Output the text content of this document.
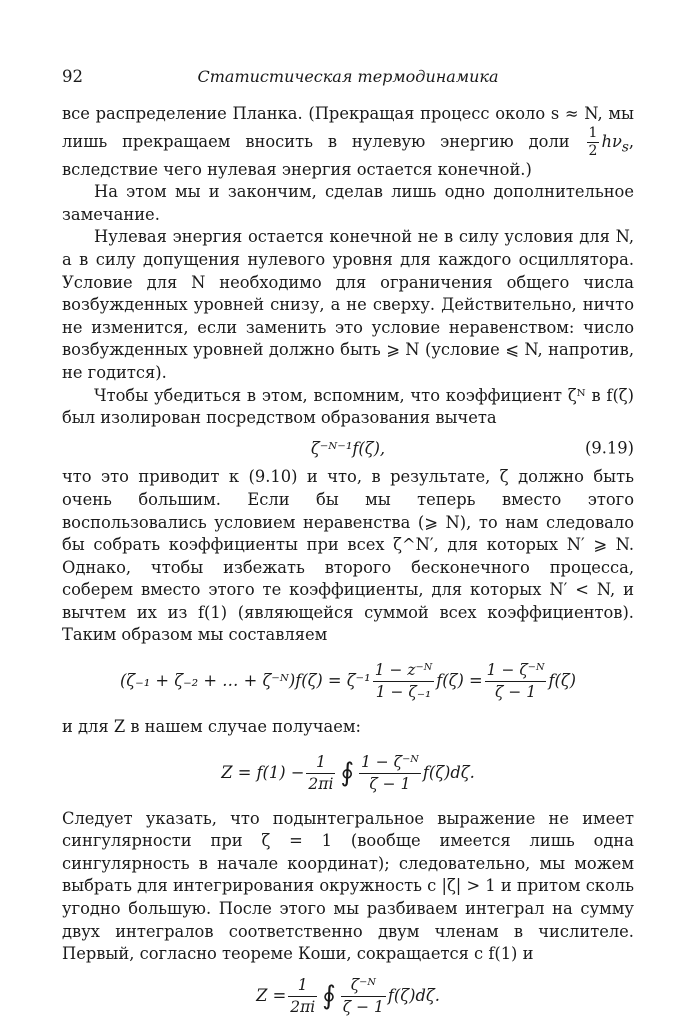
92	Статистическая термодинамика

все распределение Планка. (Прекращая процесс около s ≈ N, мы лишь прекращаем вносить в нулевую энергию доли $\frac{1}{2} h\nu_s$, вследствие чего нулевая энергия остается конечной.)

На этом мы и закончим, сделав лишь одно дополнительное замечание.

Нулевая энергия остается конечной не в силу условия для N, а в силу допущения нулевого уровня для каждого осциллятора. Условие для N необходимо для ограничения общего числа возбужденных уровней снизу, а не сверху. Действительно, ничто не изменится, если заменить это условие неравенством: число возбужденных уровней должно быть ⩾ N (условие ⩽ N, напротив, не годится).

Чтобы убедиться в этом, вспомним, что коэффициент ζᴺ в f(ζ) был изолирован посредством образования вычета

ζ⁻ᴺ⁻¹f(ζ),	(9.19)

что это приводит к (9.10) и что, в результате, ζ должно быть очень большим. Если бы мы теперь вместо этого воспользовались условием неравенства (⩾ N), то нам следовало бы собрать коэффициенты при всех ζ^N′, для которых N′ ⩾ N. Однако, чтобы избежать второго бесконечного процесса, соберем вместо этого те коэффициенты, для которых N′ < N, и вычтем их из f(1) (являющейся суммой всех коэффициентов). Таким образом мы составляем

(ζ₋₁ + ζ₋₂ + … + ζ⁻ᴺ)f(ζ) = $\zeta^{-1} \frac{\text{1 − z⁻ᴺ}}{\text{1 − ζ₋₁}} f(\zeta) = \frac{\text{1 − ζ⁻ᴺ}}{\zeta - 1} f(\zeta)$

и для Z в нашем случае получаем:

$Z = f(1) - \frac{1}{2\pi i}$ ∮ $\frac{\text{1 − ζ⁻ᴺ}}{\zeta - 1} f(\zeta)d\zeta$.

Следует указать, что подынтегральное выражение не имеет сингулярности при ζ = 1 (вообще имеется лишь одна сингулярность в начале координат); следовательно, мы можем выбрать для интегрирования окружность с |ζ| > 1 и притом сколь угодно большую. После этого мы разбиваем интеграл на сумму двух интегралов соответственно двум членам в числителе. Первый, согласно теореме Коши, сокращается с f(1) и

$Z = \frac{1}{2\pi i}$ ∮ $\frac{\text{ζ⁻ᴺ}}{\zeta - 1} f(\zeta)d\zeta$.
